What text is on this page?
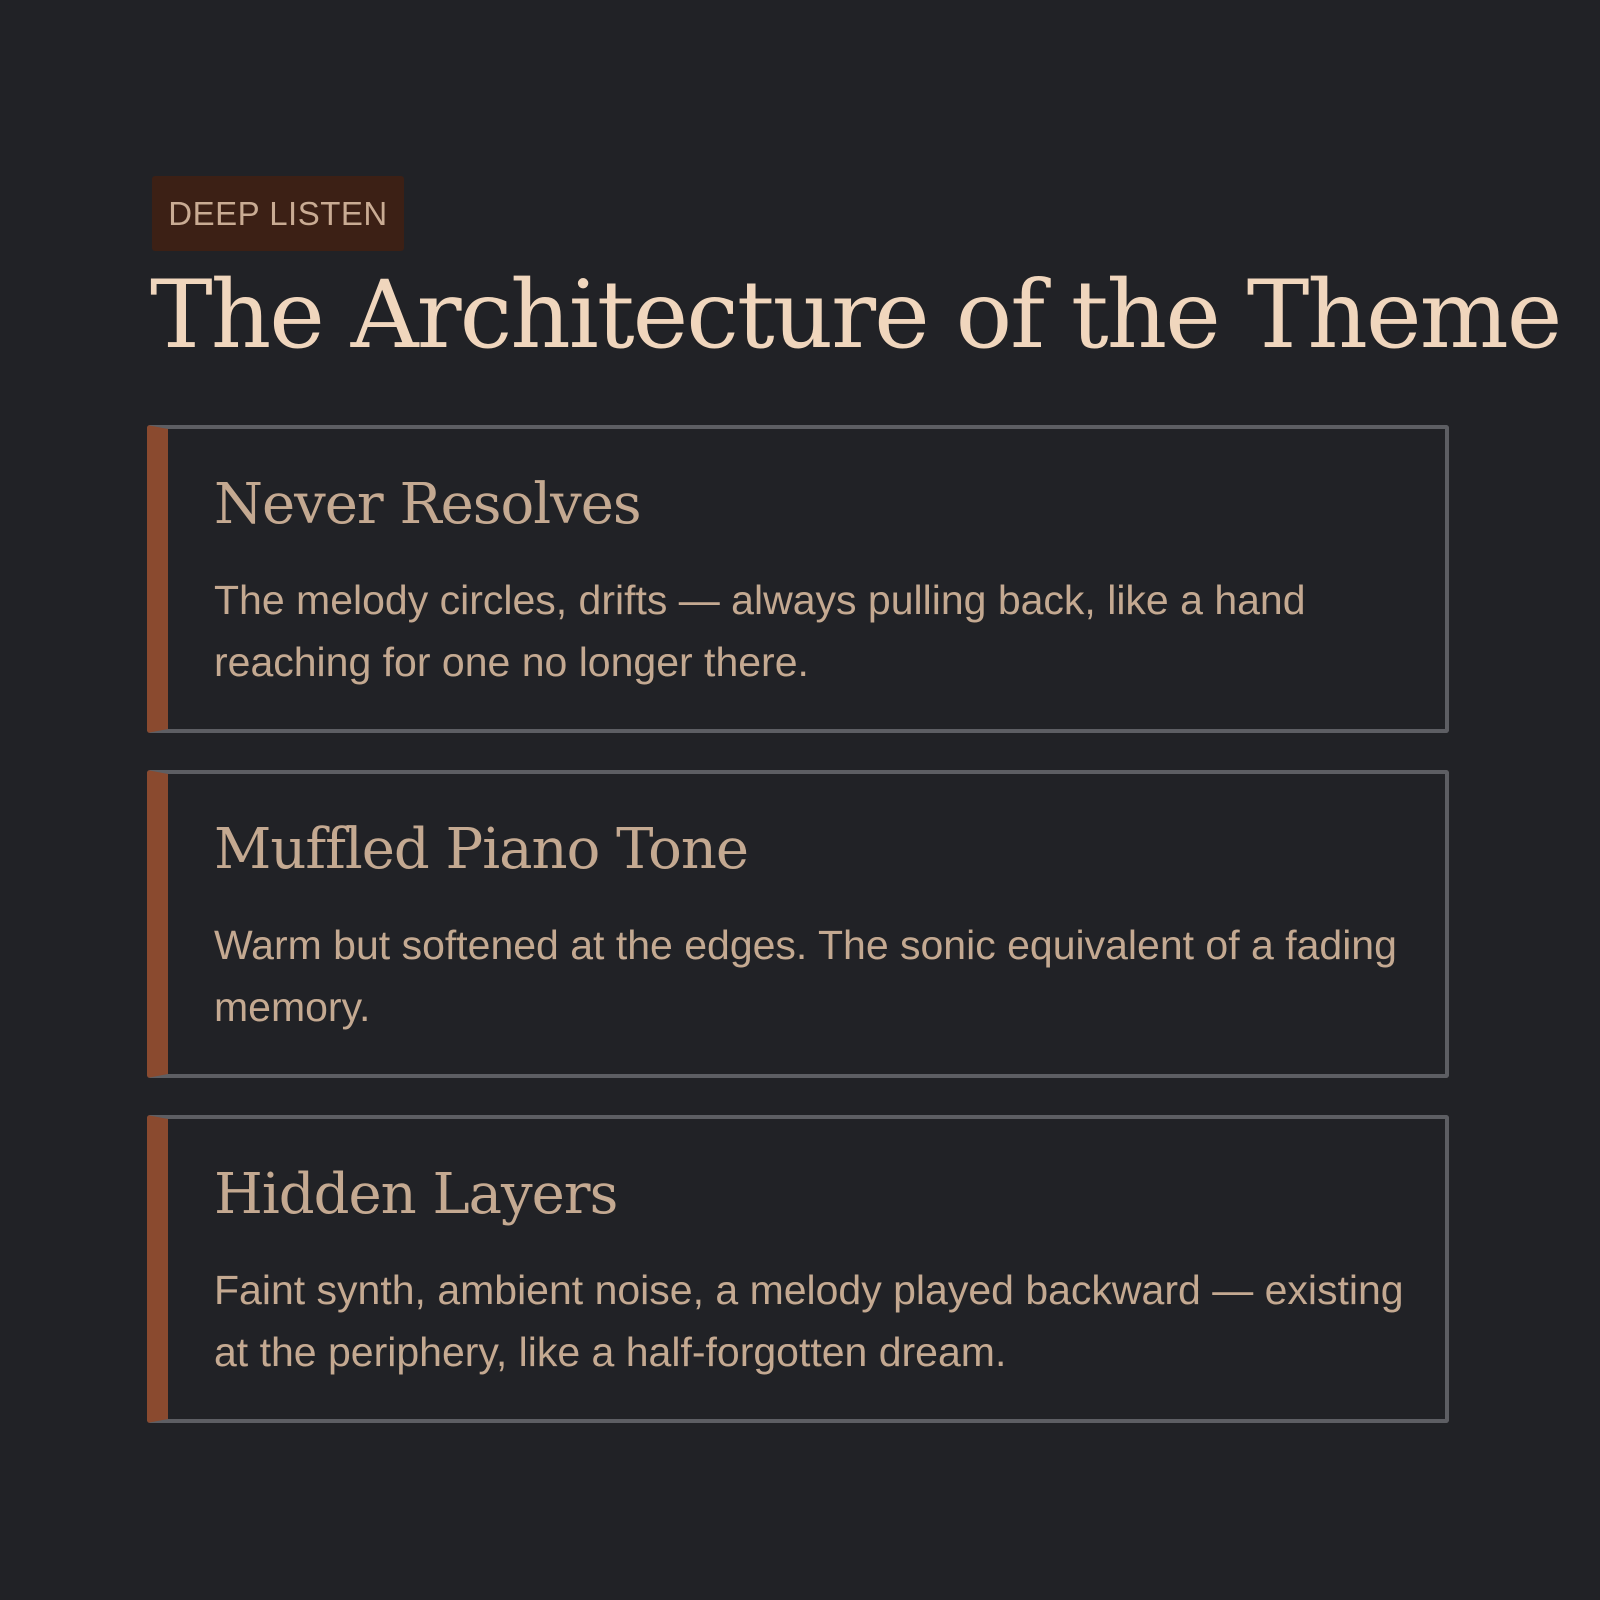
DEEP LISTEN
The Architecture of the Theme
Never Resolves

The melody circles, drifts — always pulling back, like a hand reaching for one no longer there.

Muffled Piano Tone

Warm but softened at the edges. The sonic equivalent of a fading memory.

Hidden Layers

Faint synth, ambient noise, a melody played backward — existing at the periphery, like a half-forgotten dream.
